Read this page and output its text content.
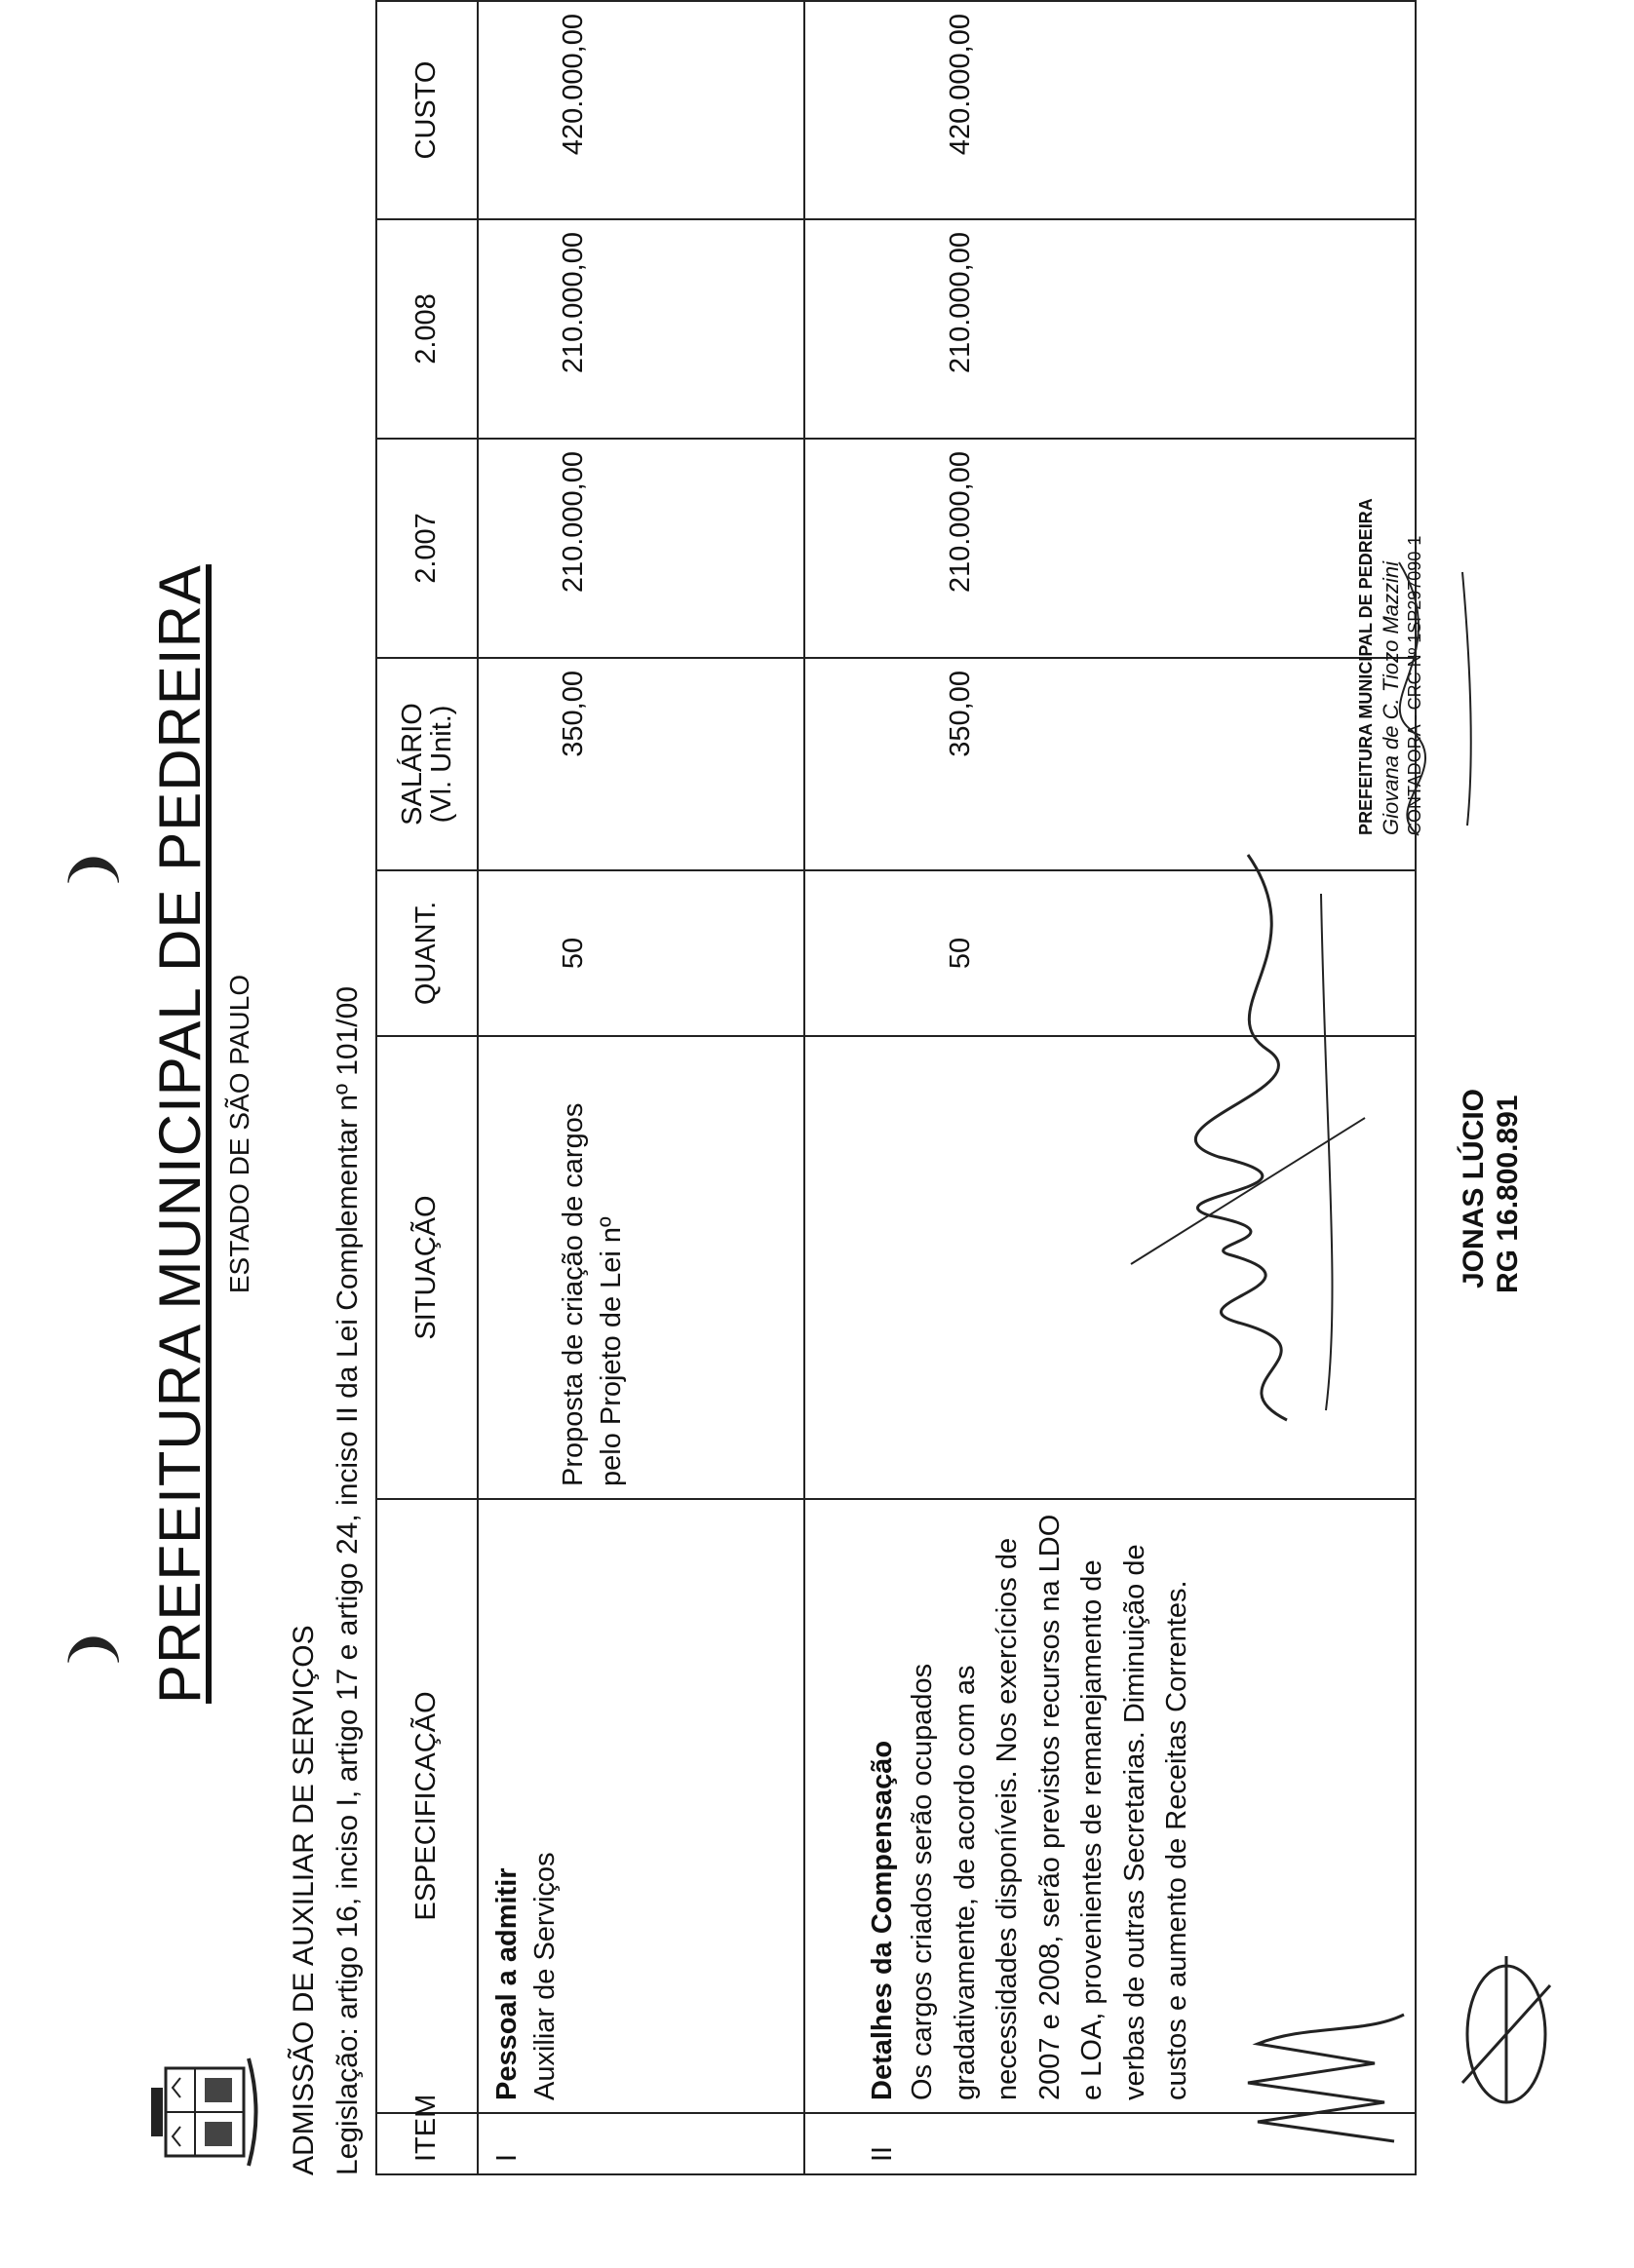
PREFEITURA MUNICIPAL DE PEDREIRA ESTADO DE SÃO PAULO
ADMISSÃO DE AUXILIAR DE SERVIÇOS Legislação: artigo 16, inciso I, artigo 17 e artigo 24, inciso II da Lei Complementar nº 101/00 ITEM	ESPECIFICAÇÃO	SITUAÇÃO	QUANT.	SALÁRIO
(Vl. Unit.)	2.007	2.008	CUSTO
I	Pessoal a admitir Auxiliar de Serviços	Proposta de criação de cargos pelo Projeto de Lei nº	50	350,00	210.000,00	210.000,00	420.000,00
II	Detalhes da Compensação Os cargos criados serão ocupados gradativamente, de acordo com as necessidades disponíveis. Nos exercícios de 2007 e 2008, serão previstos recursos na LDO e LOA, provenientes de remanejamento de verbas de outras Secretarias. Diminuição de custos e aumento de Receitas Correntes.		50	350,00	210.000,00	210.000,00	420.000,00
❩
❩
JONAS LÚCIO RG 16.800.891
PREFEITURA MUNICIPAL DE PEDREIRA Giovana de C. Tiozo Mazzini CONTADORA - CRC Nº 1SP297090-1
